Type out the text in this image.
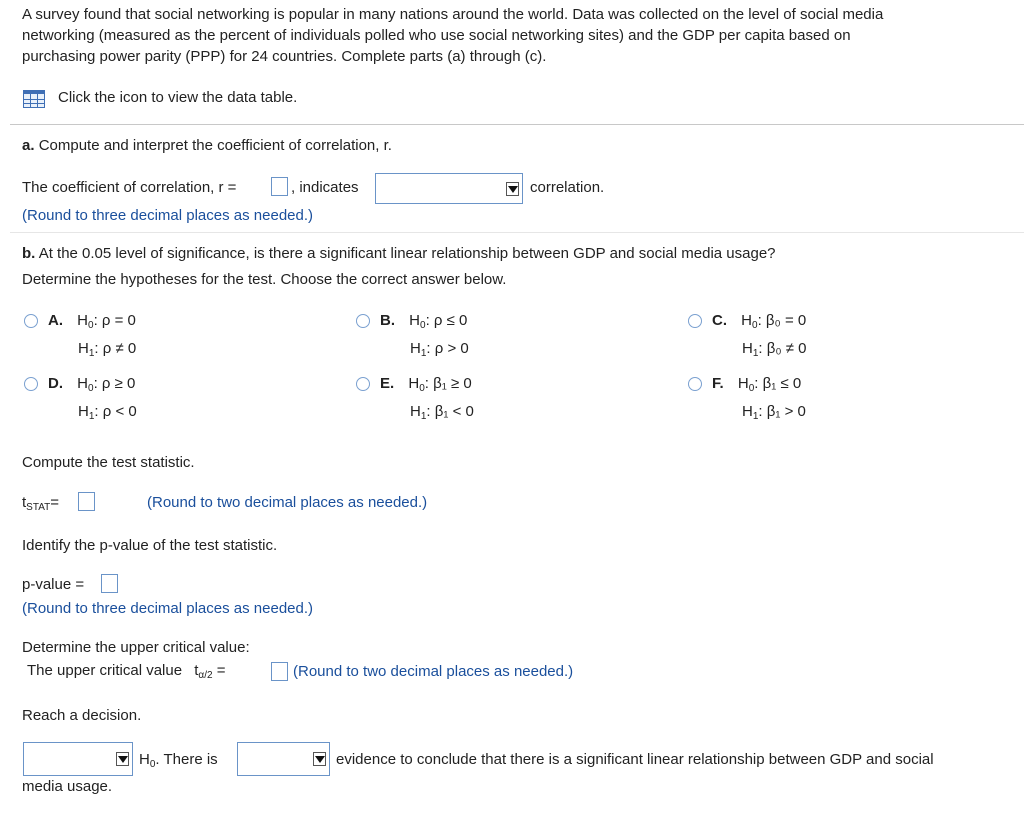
A survey found that social networking is popular in many nations around the world. Data was collected on the level of social media
networking (measured as the percent of individuals polled who use social networking sites) and the GDP per capita based on
purchasing power parity (PPP) for 24 countries. Complete parts (a) through (c).
Click the icon to view the data table.
a. Compute and interpret the coefficient of correlation, r.
The coefficient of correlation, r =	, indicates	correlation.
(Round to three decimal places as needed.)
b. At the 0.05 level of significance, is there a significant linear relationship between GDP and social media usage?
Determine the hypotheses for the test. Choose the correct answer below.
A. $H_0$: ρ = 0
$H_1$: ρ ≠ 0
B. $H_0$: ρ ≤ 0
$H_1$: ρ > 0
C. $H_0$: β₀ = 0
$H_1$: β₀ ≠ 0
D. $H_0$: ρ ≥ 0
$H_1$: ρ < 0
E. $H_0$: β₁ ≥ 0
$H_1$: β₁ < 0
F. $H_0$: β₁ ≤ 0
$H_1$: β₁ > 0
Compute the test statistic.
$t_{STAT}=$	(Round to two decimal places as needed.)
Identify the p-value of the test statistic.
p-value =
(Round to three decimal places as needed.)
Determine the upper critical value:
The upper critical value $t_{\alpha/2}$ =	(Round to two decimal places as needed.)
Reach a decision.
$H_0$. There is	evidence to conclude that there is a significant linear relationship between GDP and social
media usage.
